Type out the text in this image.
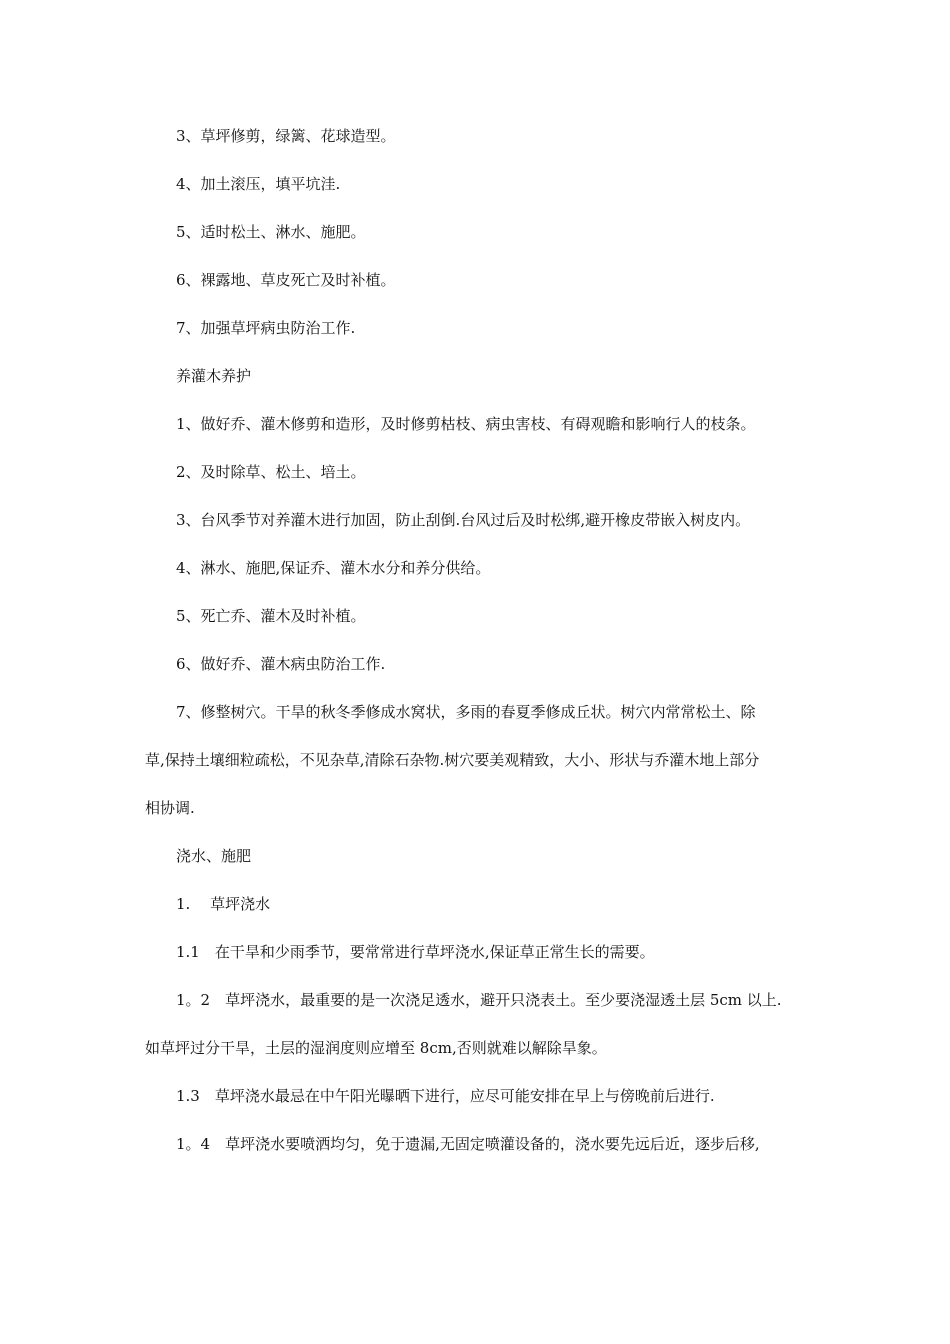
3、草坪修剪，绿篱、花球造型。
4、加土滚压，填平坑洼.
5、适时松土、淋水、施肥。
6、裸露地、草皮死亡及时补植。
7、加强草坪病虫防治工作.
养灌木养护
1、做好乔、灌木修剪和造形，及时修剪枯枝、病虫害枝、有碍观瞻和影响行人的枝条。
2、及时除草、松土、培土。
3、台风季节对养灌木进行加固，防止刮倒.台风过后及时松绑,避开橡皮带嵌入树皮内。
4、淋水、施肥,保证乔、灌木水分和养分供给。
5、死亡乔、灌木及时补植。
6、做好乔、灌木病虫防治工作.
7、修整树穴。干旱的秋冬季修成水窝状，多雨的春夏季修成丘状。树穴内常常松土、除
草,保持土壤细粒疏松，不见杂草,清除石杂物.树穴要美观精致，大小、形状与乔灌木地上部分
相协调.
浇水、施肥
1.　 草坪浇水
1.1　在干旱和少雨季节，要常常进行草坪浇水,保证草正常生长的需要。
1。2　草坪浇水，最重要的是一次浇足透水，避开只浇表土。至少要浇湿透土层 5cm 以上.
如草坪过分干旱，土层的湿润度则应增至 8cm,否则就难以解除旱象。
1.3　草坪浇水最忌在中午阳光曝晒下进行，应尽可能安排在早上与傍晚前后进行.
1。4　草坪浇水要喷洒均匀，免于遗漏,无固定喷灌设备的，浇水要先远后近，逐步后移,
